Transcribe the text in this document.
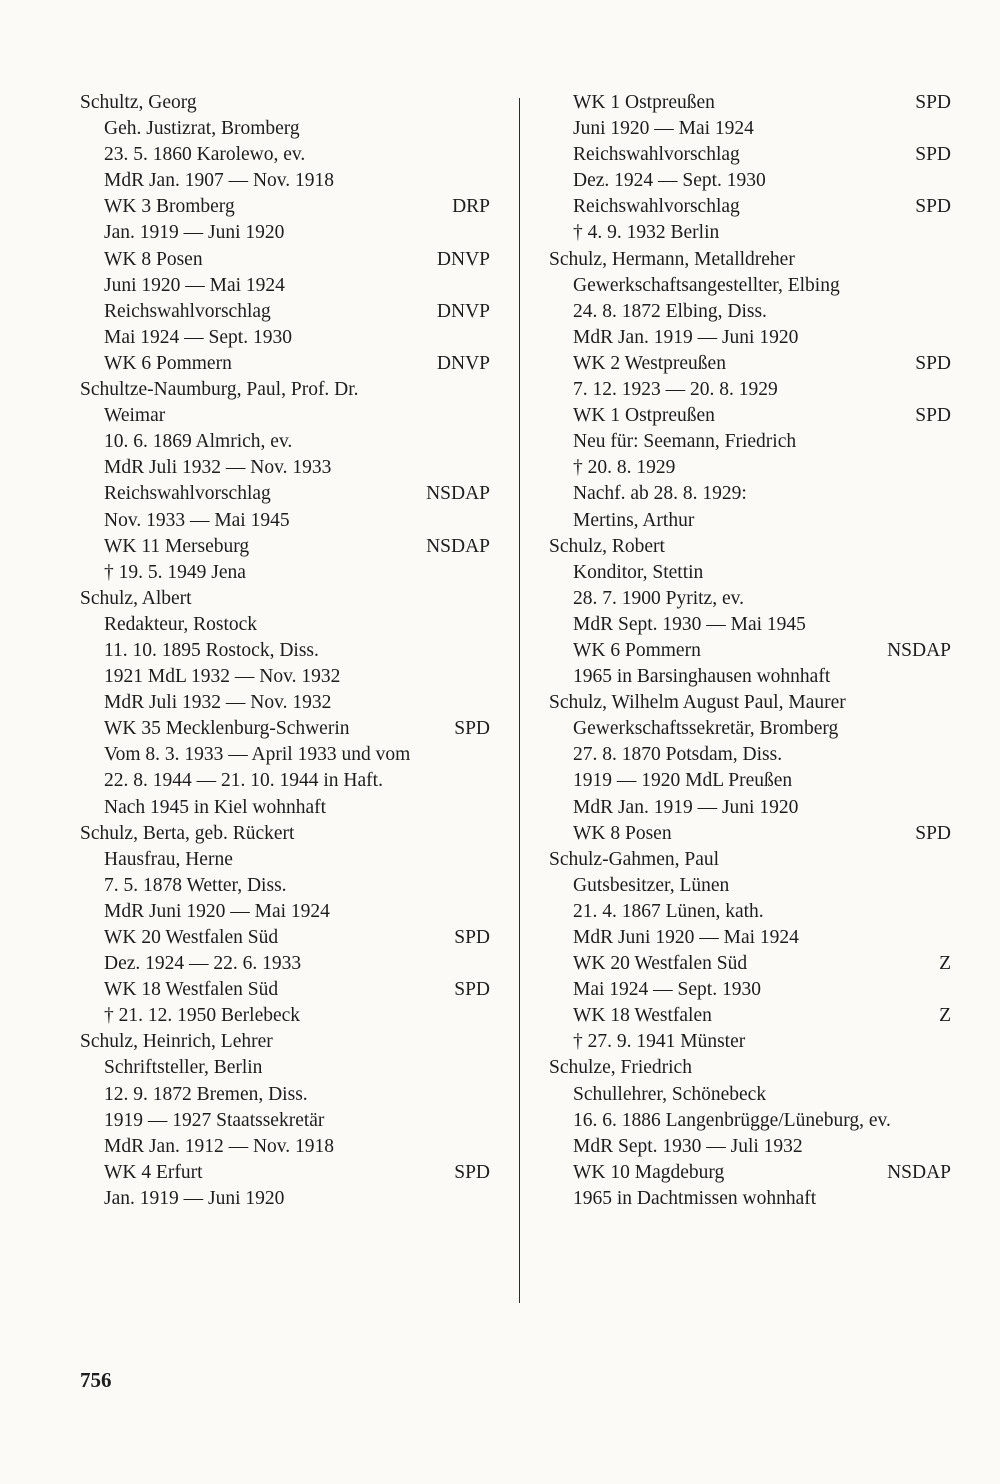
Schultz, Georg
Geh. Justizrat, Bromberg
23. 5. 1860 Karolewo, ev.
MdR Jan. 1907 — Nov. 1918
WK 3 Bromberg	DRP
Jan. 1919 — Juni 1920
WK 8 Posen	DNVP
Juni 1920 — Mai 1924
Reichswahlvorschlag	DNVP
Mai 1924 — Sept. 1930
WK 6 Pommern	DNVP
Schultze-Naumburg, Paul, Prof. Dr.
Weimar
10. 6. 1869 Almrich, ev.
MdR Juli 1932 — Nov. 1933
Reichswahlvorschlag	NSDAP
Nov. 1933 — Mai 1945
WK 11 Merseburg	NSDAP
† 19. 5. 1949 Jena
Schulz, Albert
Redakteur, Rostock
11. 10. 1895 Rostock, Diss.
1921 MdL 1932 — Nov. 1932
MdR Juli 1932 — Nov. 1932
WK 35 Mecklenburg-Schwerin	SPD
Vom 8. 3. 1933 — April 1933 und vom
22. 8. 1944 — 21. 10. 1944 in Haft.
Nach 1945 in Kiel wohnhaft
Schulz, Berta, geb. Rückert
Hausfrau, Herne
7. 5. 1878 Wetter, Diss.
MdR Juni 1920 — Mai 1924
WK 20 Westfalen Süd	SPD
Dez. 1924 — 22. 6. 1933
WK 18 Westfalen Süd	SPD
† 21. 12. 1950 Berlebeck
Schulz, Heinrich, Lehrer
Schriftsteller, Berlin
12. 9. 1872 Bremen, Diss.
1919 — 1927 Staatssekretär
MdR Jan. 1912 — Nov. 1918
WK 4 Erfurt	SPD
Jan. 1919 — Juni 1920
WK 1 Ostpreußen	SPD
Juni 1920 — Mai 1924
Reichswahlvorschlag	SPD
Dez. 1924 — Sept. 1930
Reichswahlvorschlag	SPD
† 4. 9. 1932 Berlin
Schulz, Hermann, Metalldreher
Gewerkschaftsangestellter, Elbing
24. 8. 1872 Elbing, Diss.
MdR Jan. 1919 — Juni 1920
WK 2 Westpreußen	SPD
7. 12. 1923 — 20. 8. 1929
WK 1 Ostpreußen	SPD
Neu für: Seemann, Friedrich
† 20. 8. 1929
Nachf. ab 28. 8. 1929:
Mertins, Arthur
Schulz, Robert
Konditor, Stettin
28. 7. 1900 Pyritz, ev.
MdR Sept. 1930 — Mai 1945
WK 6 Pommern	NSDAP
1965 in Barsinghausen wohnhaft
Schulz, Wilhelm August Paul, Maurer
Gewerkschaftssekretär, Bromberg
27. 8. 1870 Potsdam, Diss.
1919 — 1920 MdL Preußen
MdR Jan. 1919 — Juni 1920
WK 8 Posen	SPD
Schulz-Gahmen, Paul
Gutsbesitzer, Lünen
21. 4. 1867 Lünen, kath.
MdR Juni 1920 — Mai 1924
WK 20 Westfalen Süd	Z
Mai 1924 — Sept. 1930
WK 18 Westfalen	Z
† 27. 9. 1941 Münster
Schulze, Friedrich
Schullehrer, Schönebeck
16. 6. 1886 Langenbrügge/Lüneburg, ev.
MdR Sept. 1930 — Juli 1932
WK 10 Magdeburg	NSDAP
1965 in Dachtmissen wohnhaft
756
